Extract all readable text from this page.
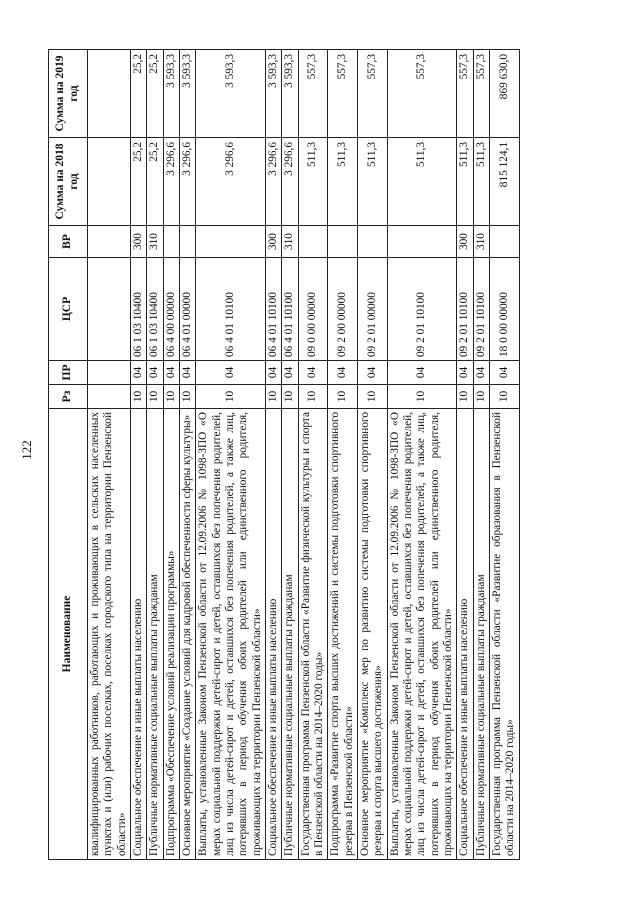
122
Наименование	Рз	ПР	ЦСР	ВР	Сумма на 2018 год	Сумма на 2019 год
квалифицированных работников, работающих и проживающих в сельских населенных пунктах и (или) рабочих поселках, поселках городского типа на территории Пензенской области»						
Социальное обеспечение и иные выплаты населению	10	04	06 1 03 10400	300	25,2	25,2
Публичные нормативные социальные выплаты гражданам	10	04	06 1 03 10400	310	25,2	25,2
Подпрограмма «Обеспечение условий реализации программы»	10	04	06 4 00 00000		3 296,6	3 593,3
Основное мероприятие «Создание условий для кадровой обеспеченности сферы культуры»	10	04	06 4 01 00000		3 296,6	3 593,3
Выплаты, установленные Законом Пензенской области от 12.09.2006 № 1098-ЗПО «О мерах социальной поддержки детей-сирот и детей, оставшихся без попечения родителей, лиц из числа детей-сирот и детей, оставшихся без попечения родителей, а также лиц, потерявших в период обучения обоих родителей или единственного родителя, проживающих на территории Пензенской области»	10	04	06 4 01 10100		3 296,6	3 593,3
Социальное обеспечение и иные выплаты населению	10	04	06 4 01 10100	300	3 296,6	3 593,3
Публичные нормативные социальные выплаты гражданам	10	04	06 4 01 10100	310	3 296,6	3 593,3
Государственная программа Пензенской области «Развитие физической культуры и спорта в Пензенской области на 2014–2020 годы»	10	04	09 0 00 00000		511,3	557,3
Подпрограмма «Развитие спорта высших достижений и системы подготовки спортивного резерва в Пензенской области»	10	04	09 2 00 00000		511,3	557,3
Основное мероприятие «Комплекс мер по развитию системы подготовки спортивного резерва и спорта высшего достижения»	10	04	09 2 01 00000		511,3	557,3
Выплаты, установленные Законом Пензенской области от 12.09.2006 № 1098-ЗПО «О мерах социальной поддержки детей-сирот и детей, оставшихся без попечения родителей, лиц из числа детей-сирот и детей, оставшихся без попечения родителей, а также лиц, потерявших в период обучения обоих родителей или единственного родителя, проживающих на территории Пензенской области»	10	04	09 2 01 10100		511,3	557,3
Социальное обеспечение и иные выплаты населению	10	04	09 2 01 10100	300	511,3	557,3
Публичные нормативные социальные выплаты гражданам	10	04	09 2 01 10100	310	511,3	557,3
Государственная программа Пензенской области «Развитие образования в Пензенской области на 2014–2020 годы»	10	04	18 0 00 00000		815 124,1	869 630,0
